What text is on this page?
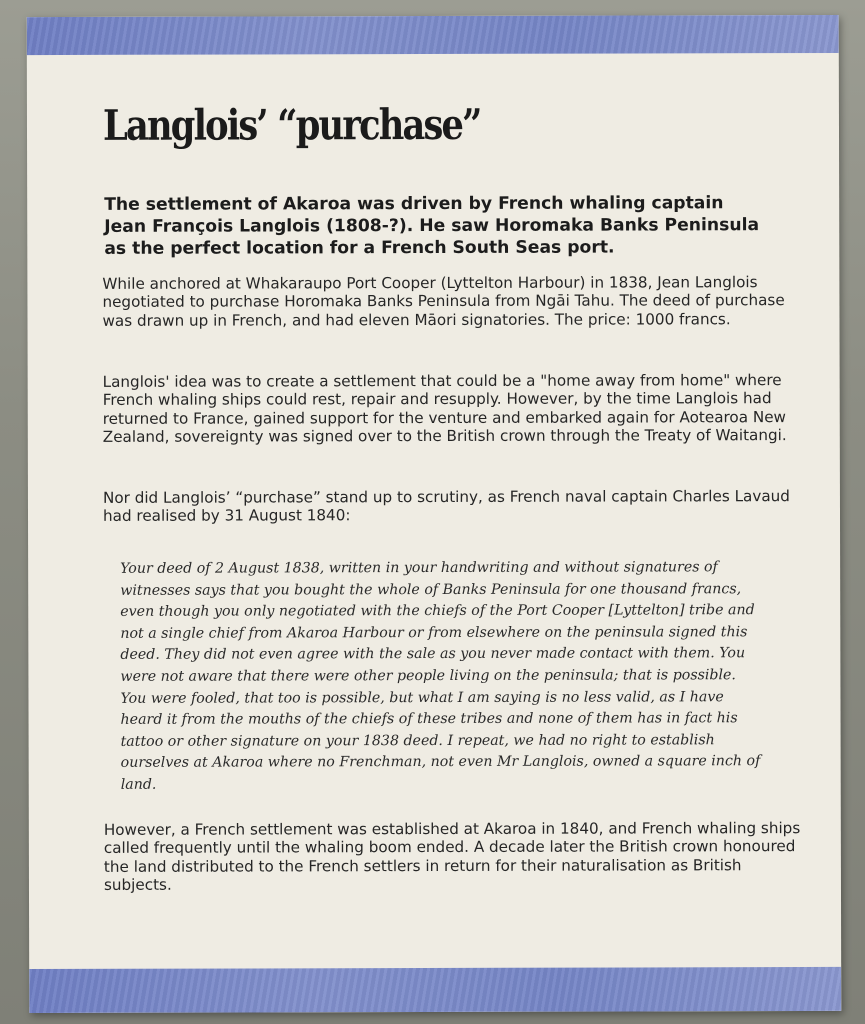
Langlois’ “purchase”

The settlement of Akaroa was driven by French whaling captain
Jean François Langlois (1808-?). He saw Horomaka Banks Peninsula
as the perfect location for a French South Seas port.

While anchored at Whakaraupo Port Cooper (Lyttelton Harbour) in 1838, Jean Langlois negotiated to purchase Horomaka Banks Peninsula from Ngāi Tahu. The deed of purchase was drawn up in French, and had eleven Māori signatories. The price: 1000 francs.

Langlois' idea was to create a settlement that could be a "home away from home" where French whaling ships could rest, repair and resupply. However, by the time Langlois had returned to France, gained support for the venture and embarked again for Aotearoa New Zealand, sovereignty was signed over to the British crown through the Treaty of Waitangi.

Nor did Langlois’ “purchase” stand up to scrutiny, as French naval captain Charles Lavaud had realised by 31 August 1840:

Your deed of 2 August 1838, written in your handwriting and without signatures of witnesses says that you bought the whole of Banks Peninsula for one thousand francs, even though you only negotiated with the chiefs of the Port Cooper [Lyttelton] tribe and not a single chief from Akaroa Harbour or from elsewhere on the peninsula signed this deed. They did not even agree with the sale as you never made contact with them. You were not aware that there were other people living on the peninsula; that is possible. You were fooled, that too is possible, but what I am saying is no less valid, as I have heard it from the mouths of the chiefs of these tribes and none of them has in fact his tattoo or other signature on your 1838 deed. I repeat, we had no right to establish ourselves at Akaroa where no Frenchman, not even Mr Langlois, owned a square inch of land.

However, a French settlement was established at Akaroa in 1840, and French whaling ships called frequently until the whaling boom ended. A decade later the British crown honoured the land distributed to the French settlers in return for their naturalisation as British subjects.
